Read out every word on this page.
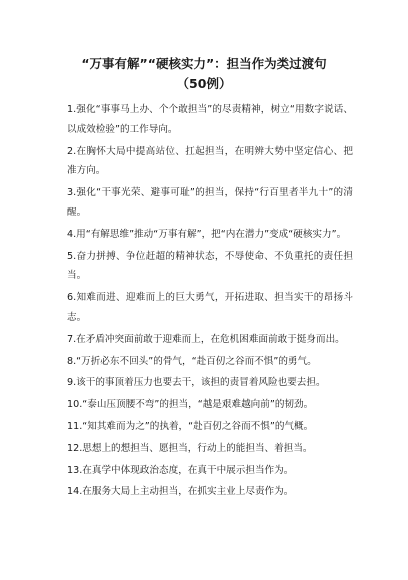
“万事有解”“硬核实力”：担当作为类过渡句
（50例）

1.强化“事事马上办、个个敢担当”的尽责精神，树立“用数字说话、以成效检验”的工作导向。

2.在胸怀大局中提高站位、扛起担当，在明辨大势中坚定信心、把准方向。

3.强化“干事光荣、避事可耻”的担当，保持“行百里者半九十”的清醒。

4.用“有解思维”推动“万事有解”，把“内在潜力”变成“硬核实力”。

5.奋力拼搏、争位赶超的精神状态，不辱使命、不负重托的责任担当。

6.知难而进、迎难而上的巨大勇气，开拓进取、担当实干的昂扬斗志。

7.在矛盾冲突面前敢于迎难而上，在危机困难面前敢于挺身而出。

8.“万折必东不回头”的骨气，“赴百仞之谷而不惧”的勇气。

9.该干的事顶着压力也要去干，该担的责冒着风险也要去担。

10.“泰山压顶腰不弯”的担当，“越是艰难越向前”的韧劲。

11.“知其难而为之”的执着，“赴百仞之谷而不惧”的气概。

12.思想上的想担当、愿担当，行动上的能担当、着担当。

13.在真学中体现政治态度，在真干中展示担当作为。

14.在服务大局上主动担当，在抓实主业上尽责作为。
